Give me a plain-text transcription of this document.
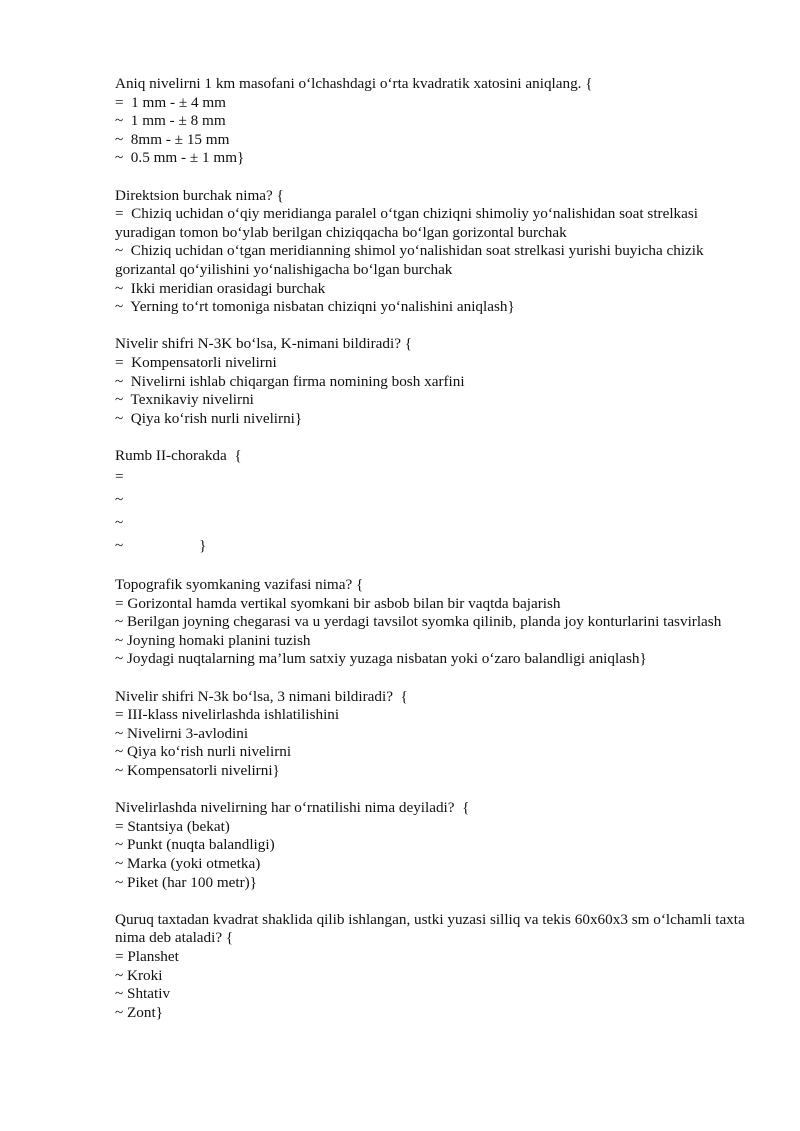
Aniq nivelirni 1 km masofani o‘lchashdagi o‘rta kvadratik xatosini aniqlang. {
=  1 mm - ± 4 mm
~  1 mm - ± 8 mm
~  8mm - ± 15 mm
~  0.5 mm - ± 1 mm}
Direktsion burchak nima? {
=  Chiziq uchidan o‘qiy meridianga paralel o‘tgan chiziqni shimoliy yo‘nalishidan soat strelkasi yuradigan tomon bo‘ylab berilgan chiziqqacha bo‘lgan gorizontal burchak
~  Chiziq uchidan o‘tgan meridianning shimol yo‘nalishidan soat strelkasi yurishi buyicha chizik gorizantal qo‘yilishini yo‘nalishigacha bo‘lgan burchak
~  Ikki meridian orasidagi burchak
~  Yerning to‘rt tomoniga nisbatan chiziqni yo‘nalishini aniqlash}
Nivelir shifri N-3K bo‘lsa, K-nimani bildiradi? {
=  Kompensatorli nivelirni
~  Nivelirni ishlab chiqargan firma nomining bosh xarfini
~  Texnikaviy nivelirni
~  Qiya ko‘rish nurli nivelirni}
Rumb II-chorakda  {
=
~
~
~                    }
Topografik syomkaning vazifasi nima? {
= Gorizontal hamda vertikal syomkani bir asbob bilan bir vaqtda bajarish
~ Berilgan joyning chegarasi va u yerdagi tavsilot syomka qilinib, planda joy konturlarini tasvirlash
~ Joyning homaki planini tuzish
~ Joydagi nuqtalarning ma’lum satxiy yuzaga nisbatan yoki o‘zaro balandligi aniqlash}
Nivelir shifri N-3k bo‘lsa, 3 nimani bildiradi?  {
= III-klass nivelirlashda ishlatilishini
~ Nivelirni 3-avlodini
~ Qiya ko‘rish nurli nivelirni
~ Kompensatorli nivelirni}
Nivelirlashda nivelirning har o‘rnatilishi nima deyiladi?  {
= Stantsiya (bekat)
~ Punkt (nuqta balandligi)
~ Marka (yoki otmetka)
~ Piket (har 100 metr)}
Quruq taxtadan kvadrat shaklida qilib ishlangan, ustki yuzasi silliq va tekis 60x60x3 sm o‘lchamli taxta nima deb ataladi? {
= Planshet
~ Kroki
~ Shtativ
~ Zont}
